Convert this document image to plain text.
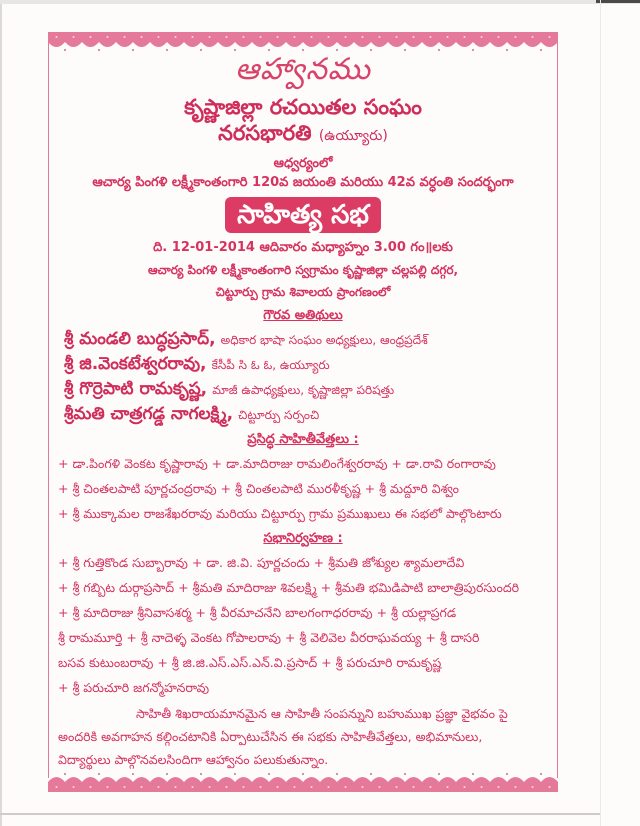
ఆహ్వానము
కృష్ణాజిల్లా రచయితల సంఘం
నరసభారతి (ఉయ్యూరు)
ఆధ్వర్యంలో
ఆచార్య పింగళి లక్ష్మీకాంతంగారి 120వ జయంతి మరియు 42వ వర్ధంతి సందర్భంగా
సాహిత్య సభ
ది. 12-01-2014 ఆదివారం మధ్యాహ్నం 3.00 గం॥లకు
ఆచార్య పింగళి లక్ష్మీకాంతంగారి స్వగ్రామం కృష్ణాజిల్లా చల్లపల్లి దగ్గర,
చిట్టూర్పు గ్రామ శివాలయ ప్రాంగణంలో
గౌరవ అతిథులు
శ్రీ మండలి బుద్ధప్రసాద్, అధికార భాషా సంఘం అధ్యక్షులు, ఆంధ్రప్రదేశ్
శ్రీ జి.వెంకటేశ్వరరావు, కేసీపీ సి ఓ ఓ, ఉయ్యూరు
శ్రీ గొర్రెపాటి రామకృష్ణ, మాజీ ఉపాధ్యక్షులు, కృష్ణాజిల్లా పరిషత్తు
శ్రీమతి చాత్రగడ్డ నాగలక్ష్మి, చిట్టూర్పు సర్పంచి
ప్రసిద్ధ సాహితీవేత్తలు :
+ డా.పింగళి వెంకట కృష్ణారావు + డా.మాదిరాజు రామలింగేశ్వరరావు + డా.రావి రంగారావు
+ శ్రీ చింతలపాటి పూర్ణచంద్రరావు + శ్రీ చింతలపాటి మురళీకృష్ణ + శ్రీ మద్దూరి విశ్వం
+ శ్రీ ముక్కామల రాజశేఖరరావు మరియు చిట్టూర్పు గ్రామ ప్రముఖులు ఈ సభలో పాల్గొంటారు
సభానిర్వహణ :
+ శ్రీ గుత్తికొండ సుబ్బారావు + డా. జి.వి. పూర్ణచందు + శ్రీమతి జోశ్యుల శ్యామలాదేవి
+ శ్రీ గబ్బిట దుర్గాప్రసాద్ + శ్రీమతి మాదిరాజు శివలక్ష్మి + శ్రీమతి భమిడిపాటి బాలాత్రిపురసుందరి
+ శ్రీ మాదిరాజు శ్రీనివాసశర్మ + శ్రీ వీరమాచనేని బాలగంగాధరరావు + శ్రీ యల్లాప్రగడ
శ్రీ రామమూర్తి + శ్రీ నాదెళ్ళ వెంకట గోపాలరావు + శ్రీ వెలివెల వీరరాఘవయ్య + శ్రీ దాసరి
బసవ కుటుంబరావు + శ్రీ జి.జి.ఎస్.ఎస్.ఎన్.వి.ప్రసాద్ + శ్రీ పరుచూరి రామకృష్ణ
+ శ్రీ పరుచూరి జగన్మోహనరావు
సాహితీ శిఖరాయమానమైన ఆ సాహితీ సంపన్నుని బహుముఖ ప్రజ్ఞా వైభవం పై
అందరికి అవగాహన కల్గించటానికి ఏర్పాటుచేసిన ఈ సభకు సాహితీవేత్తలు, అభిమానులు,
విద్యార్థులు పాల్గొనవలసిందిగా ఆహ్వానం పలుకుతున్నాం.
